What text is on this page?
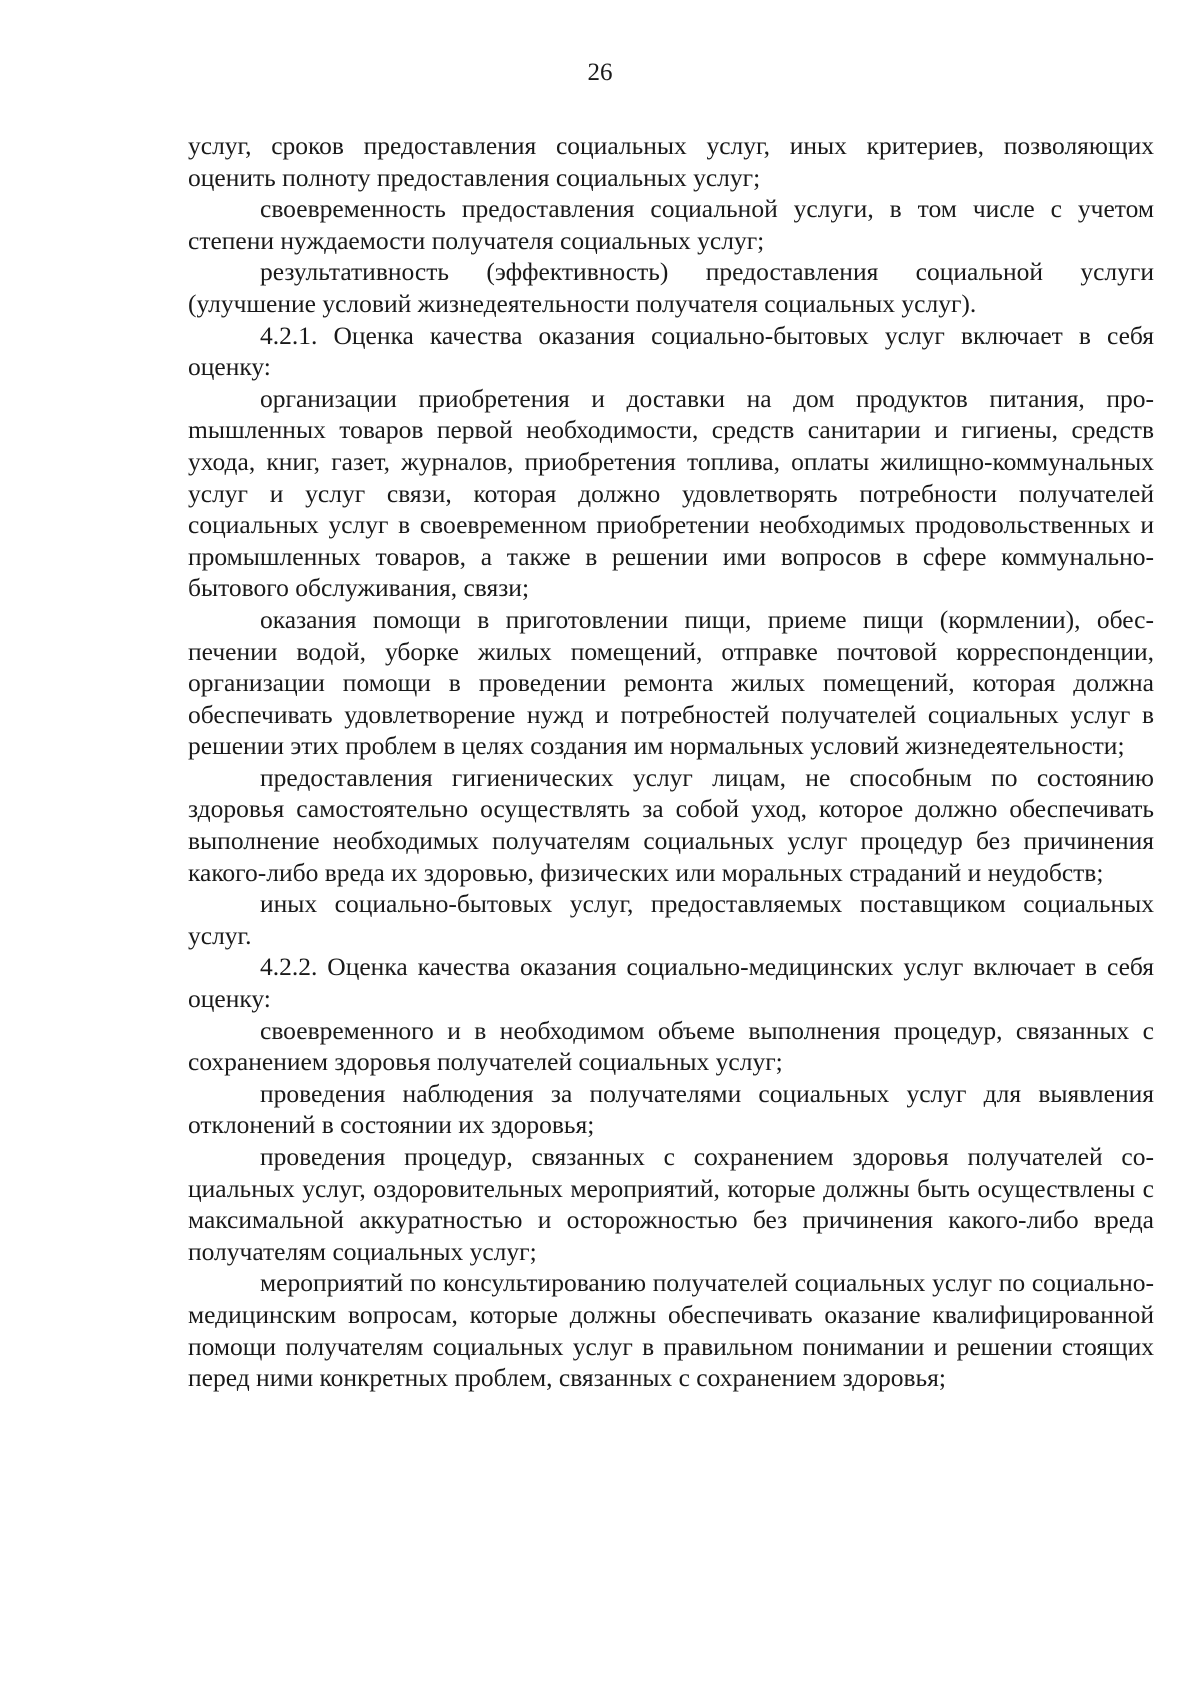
26

услуг, сроков предоставления социальных услуг, иных критериев, позволяющих оценить полноту предоставления социальных услуг;

своевременность предоставления социальной услуги, в том числе с учетом степени нуждаемости получателя социальных услуг;

результативность (эффективность) предоставления социальной услуги (улучшение условий жизнедеятельности получателя социальных услуг).

4.2.1. Оценка качества оказания социально-бытовых услуг включает в себя оценку:

организации приобретения и доставки на дом продуктов питания, проmышленных товаров первой необходимости, средств санитарии и гигиены, средств ухода, книг, газет, журналов, приобретения топлива, оплаты жилищно-коммунальных услуг и услуг связи, которая должно удовлетворять потребности получателей социальных услуг в своевременном приобретении необходимых продовольственных и промышленных товаров, а также в решении ими вопросов в сфере коммунально-бытового обслуживания, связи;

оказания помощи в приготовлении пищи, приеме пищи (кормлении), обеспечении водой, уборке жилых помещений, отправке почтовой корреспонденции, организации помощи в проведении ремонта жилых помещений, которая должна обеспечивать удовлетворение нужд и потребностей получателей социальных услуг в решении этих проблем в целях создания им нормальных условий жизнедеятельности;

предоставления гигиенических услуг лицам, не способным по состоянию здоровья самостоятельно осуществлять за собой уход, которое должно обеспечивать выполнение необходимых получателям социальных услуг процедур без причинения какого-либо вреда их здоровью, физических или моральных страданий и неудобств;

иных социально-бытовых услуг, предоставляемых поставщиком социальных услуг.

4.2.2. Оценка качества оказания социально-медицинских услуг включает в себя оценку:

своевременного и в необходимом объеме выполнения процедур, связанных с сохранением здоровья получателей социальных услуг;

проведения наблюдения за получателями социальных услуг для выявления отклонений в состоянии их здоровья;

проведения процедур, связанных с сохранением здоровья получателей социальных услуг, оздоровительных мероприятий, которые должны быть осуществлены с максимальной аккуратностью и осторожностью без причинения какого-либо вреда получателям социальных услуг;

мероприятий по консультированию получателей социальных услуг по социально-медицинским вопросам, которые должны обеспечивать оказание квалифицированной помощи получателям социальных услуг в правильном понимании и решении стоящих перед ними конкретных проблем, связанных с сохранением здоровья;
